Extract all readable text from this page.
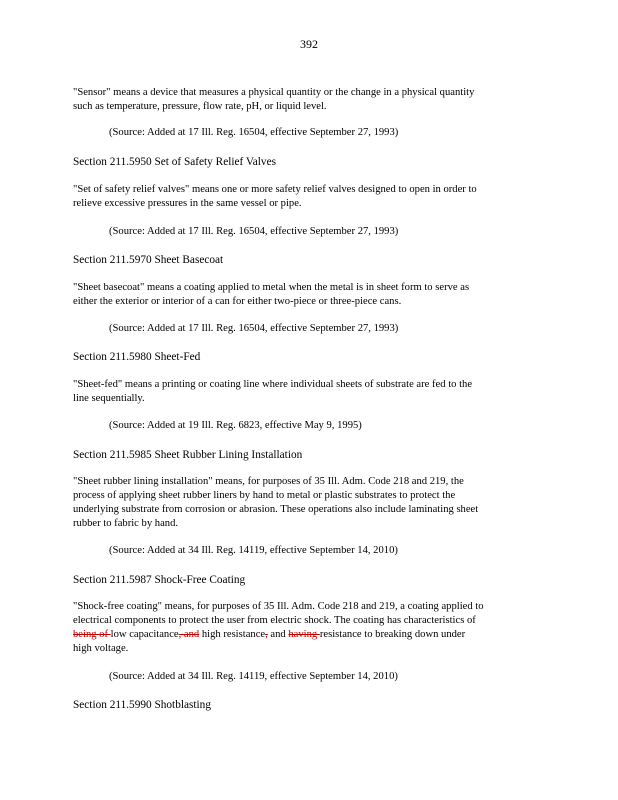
392
"Sensor" means a device that measures a physical quantity or the change in a physical quantity
such as temperature, pressure, flow rate, pH, or liquid level.
(Source: Added at 17 Ill. Reg. 16504, effective September 27, 1993)
Section 211.5950 Set of Safety Relief Valves
"Set of safety relief valves" means one or more safety relief valves designed to open in order to
relieve excessive pressures in the same vessel or pipe.
(Source: Added at 17 Ill. Reg. 16504, effective September 27, 1993)
Section 211.5970 Sheet Basecoat
"Sheet basecoat" means a coating applied to metal when the metal is in sheet form to serve as
either the exterior or interior of a can for either two-piece or three-piece cans.
(Source: Added at 17 Ill. Reg. 16504, effective September 27, 1993)
Section 211.5980 Sheet-Fed
"Sheet-fed" means a printing or coating line where individual sheets of substrate are fed to the
line sequentially.
(Source: Added at 19 Ill. Reg. 6823, effective May 9, 1995)
Section 211.5985 Sheet Rubber Lining Installation
"Sheet rubber lining installation" means, for purposes of 35 Ill. Adm. Code 218 and 219, the
process of applying sheet rubber liners by hand to metal or plastic substrates to protect the
underlying substrate from corrosion or abrasion. These operations also include laminating sheet
rubber to fabric by hand.
(Source: Added at 34 Ill. Reg. 14119, effective September 14, 2010)
Section 211.5987 Shock-Free Coating
"Shock-free coating" means, for purposes of 35 Ill. Adm. Code 218 and 219, a coating applied to
electrical components to protect the user from electric shock. The coating has characteristics of
being of low capacitance, and high resistance, and having resistance to breaking down under
high voltage.
(Source: Added at 34 Ill. Reg. 14119, effective September 14, 2010)
Section 211.5990 Shotblasting
